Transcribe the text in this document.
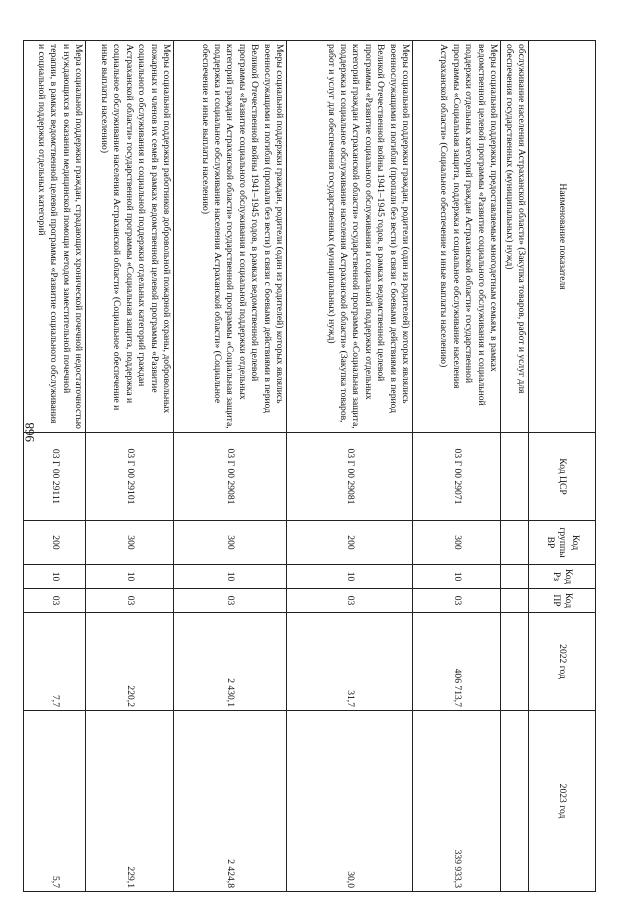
968
Наименование показателя	Код ЦСР	Код группы ВР	Код Рз	Код ПР	2022 год	2023 год
обслуживание населения Астраханской области» (Закупка товаров, работ и услуг для обеспечения государственных (муниципальных) нужд)						
Меры социальной поддержки, предоставляемые многодетным семьям, в рамках ведомственной целевой программы «Развитие социального обслуживания и социальной поддержки отдельных категорий граждан Астраханской области» государственной программы «Социальная защита, поддержка и социальное обслуживание населения Астраханской области» (Социальное обеспечение и иные выплаты населению)	03 Г 00 29071	300	10	03	406 713,7	339 933,3
Меры социальной поддержки граждан, родители (один из родителей) которых являлись военнослужащими и погибли (пропали без вести) в связи с боевыми действиями в период Великой Отечественной войны 1941–1945 годов, в рамках ведомственной целевой программы «Развитие социального обслуживания и социальной поддержки отдельных категорий граждан Астраханской области» государственной программы «Социальная защита, поддержка и социальное обслуживание населения Астраханской области» (Закупка товаров, работ и услуг для обеспечения государственных (муниципальных) нужд)	03 Г 00 29081	200	10	03	31,7	30,0
Меры социальной поддержки граждан, родители (один из родителей) которых являлись военнослужащими и погибли (пропали без вести) в связи с боевыми действиями в период Великой Отечественной войны 1941–1945 годов, в рамках ведомственной целевой программы «Развитие социального обслуживания и социальной поддержки отдельных категорий граждан Астраханской области» государственной программы «Социальная защита, поддержка и социальное обслуживание населения Астраханской области» (Социальное обеспечение и иные выплаты населению)	03 Г 00 29081	300	10	03	2 430,1	2 424,8
Меры социальной поддержки работников добровольной пожарной охраны, добровольных пожарных и членов их семей в рамках ведомственной целевой программы «Развитие социального обслуживания и социальной поддержки отдельных категорий граждан Астраханской области» государственной программы «Социальная защита, поддержка и социальное обслуживание населения Астраханской области» (Социальное обеспечение и иные выплаты населению)	03 Г 00 29101	300	10	03	220,2	229,1
Мера социальной поддержки граждан, страдающих хронической почечной недостаточностью и нуждающихся в оказании медицинской помощи методом заместительной почечной терапии, в рамках ведомственной целевой программы «Развитие социального обслуживания и социальной поддержки отдельных категорий	03 Г 00 29111	200	10	03	7,7	5,7
